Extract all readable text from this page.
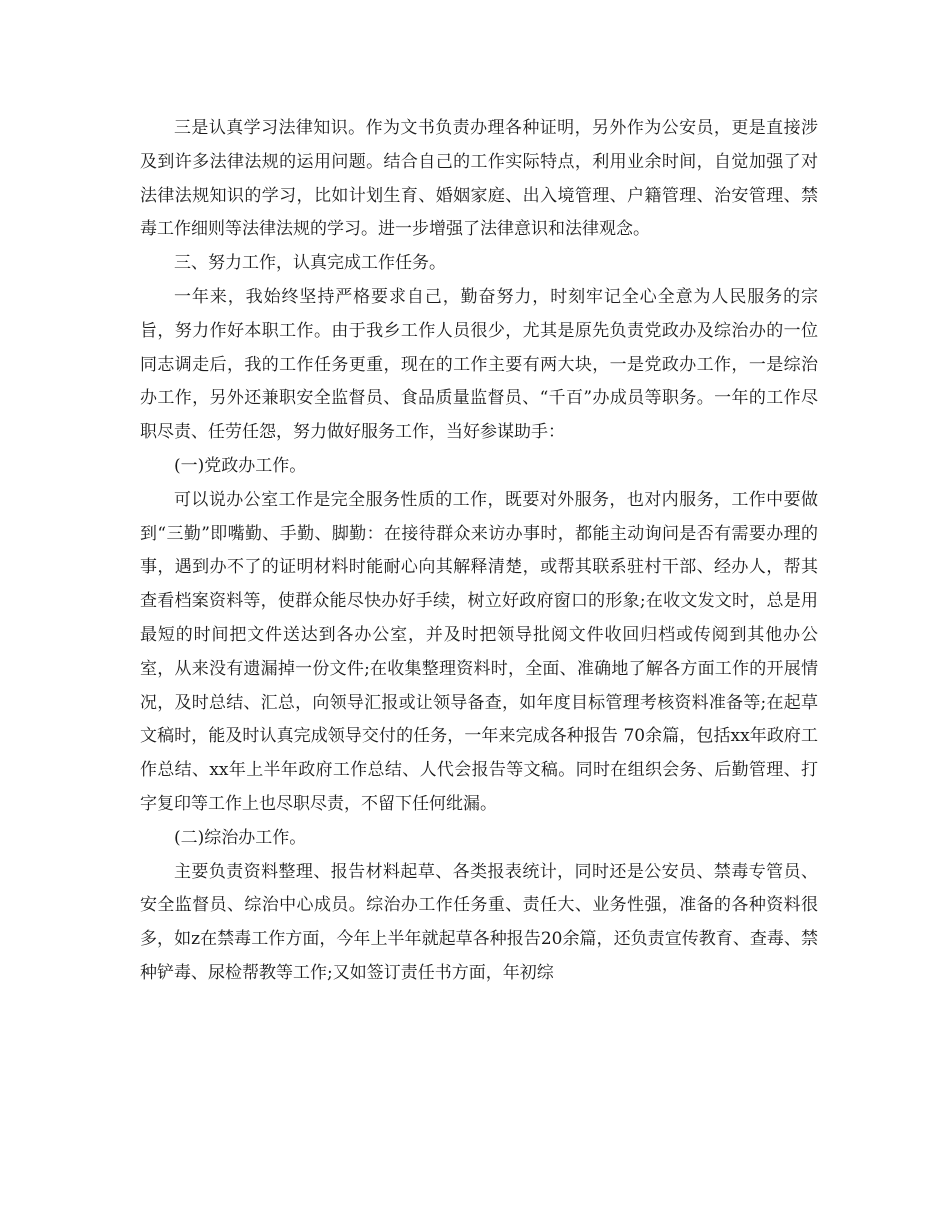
三是认真学习法律知识。作为文书负责办理各种证明，另外作为公安员，更是直接涉及到许多法律法规的运用问题。结合自己的工作实际特点，利用业余时间，自觉加强了对法律法规知识的学习，比如计划生育、婚姻家庭、出入境管理、户籍管理、治安管理、禁毒工作细则等法律法规的学习。进一步增强了法律意识和法律观念。

三、努力工作，认真完成工作任务。

一年来，我始终坚持严格要求自己，勤奋努力，时刻牢记全心全意为人民服务的宗旨，努力作好本职工作。由于我乡工作人员很少，尤其是原先负责党政办及综治办的一位同志调走后，我的工作任务更重，现在的工作主要有两大块，一是党政办工作，一是综治办工作，另外还兼职安全监督员、食品质量监督员、“千百”办成员等职务。一年的工作尽职尽责、任劳任怨，努力做好服务工作，当好参谋助手：

(一)党政办工作。

可以说办公室工作是完全服务性质的工作，既要对外服务，也对内服务，工作中要做到“三勤”即嘴勤、手勤、脚勤：在接待群众来访办事时，都能主动询问是否有需要办理的事，遇到办不了的证明材料时能耐心向其解释清楚，或帮其联系驻村干部、经办人，帮其查看档案资料等，使群众能尽快办好手续，树立好政府窗口的形象;在收文发文时，总是用最短的时间把文件送达到各办公室，并及时把领导批阅文件收回归档或传阅到其他办公室，从来没有遗漏掉一份文件;在收集整理资料时，全面、准确地了解各方面工作的开展情况，及时总结、汇总，向领导汇报或让领导备查，如年度目标管理考核资料准备等;在起草文稿时，能及时认真完成领导交付的任务，一年来完成各种报告 70余篇，包括xx年政府工作总结、xx年上半年政府工作总结、人代会报告等文稿。同时在组织会务、后勤管理、打字复印等工作上也尽职尽责，不留下任何纰漏。

(二)综治办工作。

主要负责资料整理、报告材料起草、各类报表统计，同时还是公安员、禁毒专管员、安全监督员、综治中心成员。综治办工作任务重、责任大、业务性强，准备的各种资料很多，如z在禁毒工作方面，今年上半年就起草各种报告20余篇，还负责宣传教育、查毒、禁种铲毒、尿检帮教等工作;又如签订责任书方面，年初综
